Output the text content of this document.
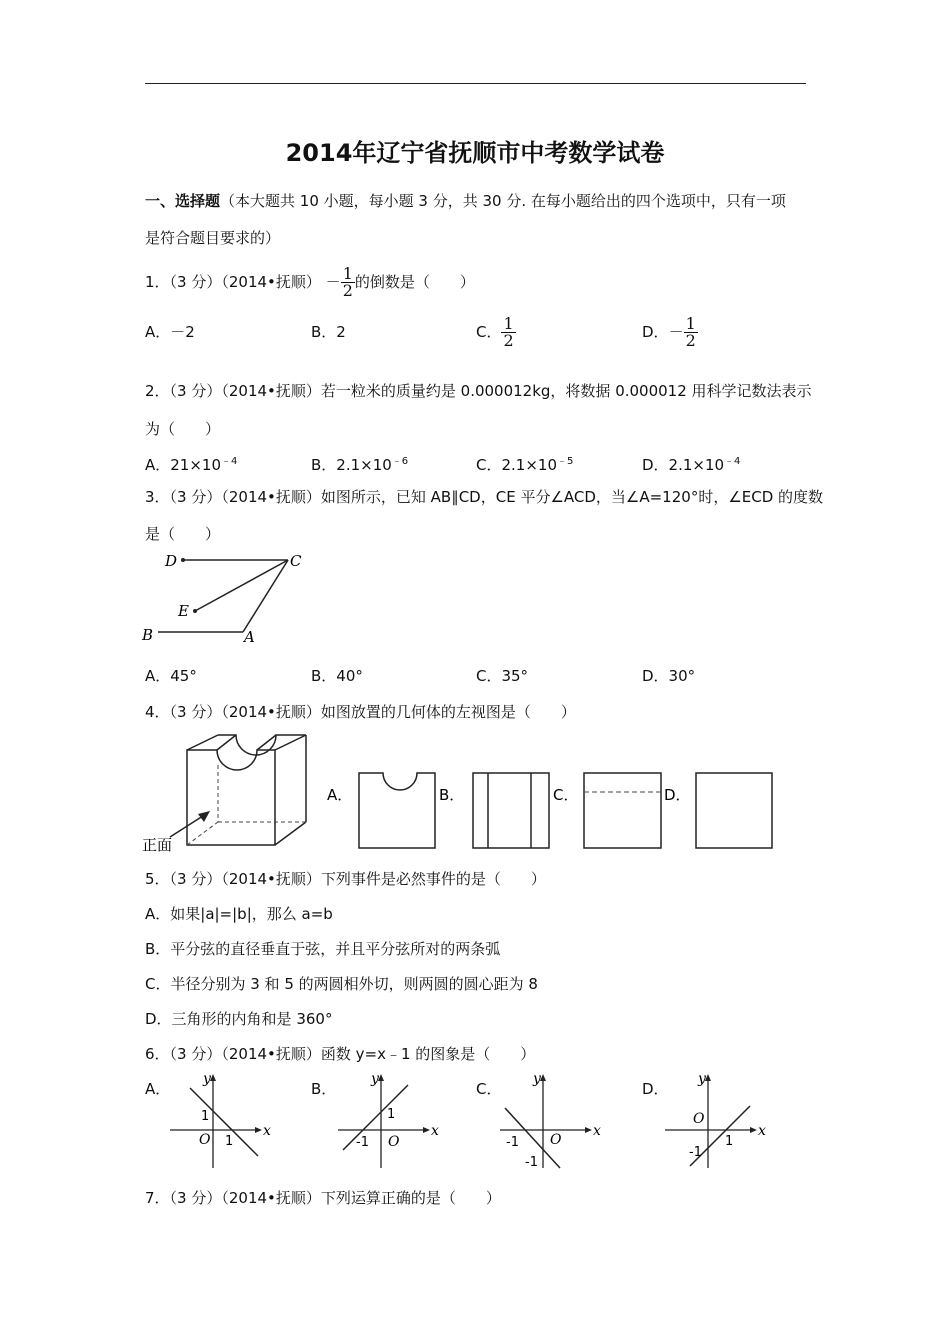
2014年辽宁省抚顺市中考数学试卷
一、选择题（本大题共 10 小题，每小题 3 分，共 30 分. 在每小题给出的四个选项中，只有一项
是符合题目要求的）
1．（3 分）（2014•抚顺） － $\frac{1}{2}$ 的倒数是（　　）
A．－2	B．2	C． $\frac{1}{2}$	D．－ $\frac{1}{2}$
2．（3 分）（2014•抚顺）若一粒米的质量约是 0.000012kg，将数据 0.000012 用科学记数法表示
为（　　）
A．$21\times 10^{﹣4}$	B．$2.1\times 10^{﹣6}$	C．$2.1\times 10^{﹣5}$	D．$2.1\times 10^{﹣4}$
3．（3 分）（2014•抚顺）如图所示，已知 AB∥CD，CE 平分∠ACD，当∠A=120°时，∠ECD 的度数
是（　　）
D	C
E
B	A
A．45°	B．40°	C．35°	D．30°
4．（3 分）（2014•抚顺）如图放置的几何体的左视图是（　　）
正面
A．	B．	C．	D．
5．（3 分）（2014•抚顺）下列事件是必然事件的是（　　）
A．如果|a|=|b|，那么 a=b
B．平分弦的直径垂直于弦，并且平分弦所对的两条弧
C．半径分别为 3 和 5 的两圆相外切，则两圆的圆心距为 8
D．三角形的内角和是 360°
6．（3 分）（2014•抚顺）函数 y=x﹣1 的图象是（　　）
A．	B．	C．	D．
x
y
O
1
1
x
y
O
1
-1
x
y
O
-1
-1
x
y
O
1
-1
7．（3 分）（2014•抚顺）下列运算正确的是（　　）
